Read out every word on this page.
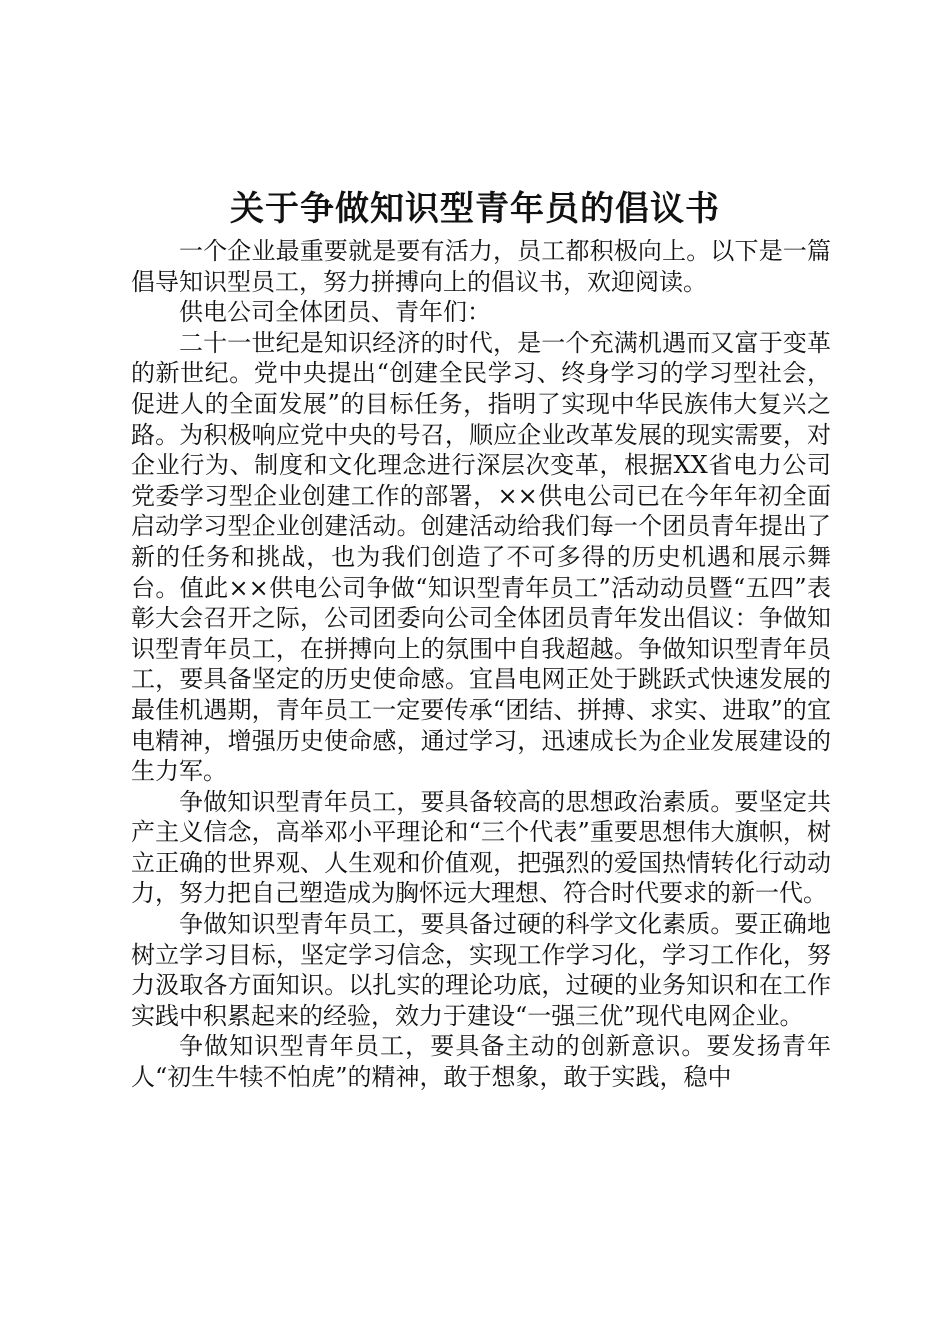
关于争做知识型青年员的倡议书

一个企业最重要就是要有活力，员工都积极向上。以下是一篇倡导知识型员工，努力拼搏向上的倡议书，欢迎阅读。

供电公司全体团员、青年们：

二十一世纪是知识经济的时代，是一个充满机遇而又富于变革的新世纪。党中央提出“创建全民学习、终身学习的学习型社会，促进人的全面发展”的目标任务，指明了实现中华民族伟大复兴之路。为积极响应党中央的号召，顺应企业改革发展的现实需要，对企业行为、制度和文化理念进行深层次变革，根据XX省电力公司党委学习型企业创建工作的部署，××供电公司已在今年年初全面启动学习型企业创建活动。创建活动给我们每一个团员青年提出了新的任务和挑战，也为我们创造了不可多得的历史机遇和展示舞台。值此××供电公司争做“知识型青年员工”活动动员暨“五四”表彰大会召开之际，公司团委向公司全体团员青年发出倡议：争做知识型青年员工，在拼搏向上的氛围中自我超越。争做知识型青年员工，要具备坚定的历史使命感。宜昌电网正处于跳跃式快速发展的最佳机遇期，青年员工一定要传承“团结、拼搏、求实、进取”的宜电精神，增强历史使命感，通过学习，迅速成长为企业发展建设的生力军。

争做知识型青年员工，要具备较高的思想政治素质。要坚定共产主义信念，高举邓小平理论和“三个代表”重要思想伟大旗帜，树立正确的世界观、人生观和价值观，把强烈的爱国热情转化行动动力，努力把自己塑造成为胸怀远大理想、符合时代要求的新一代。

争做知识型青年员工，要具备过硬的科学文化素质。要正确地树立学习目标，坚定学习信念，实现工作学习化，学习工作化，努力汲取各方面知识。以扎实的理论功底，过硬的业务知识和在工作实践中积累起来的经验，效力于建设“一强三优”现代电网企业。

争做知识型青年员工，要具备主动的创新意识。要发扬青年人“初生牛犊不怕虎”的精神，敢于想象，敢于实践，稳中
